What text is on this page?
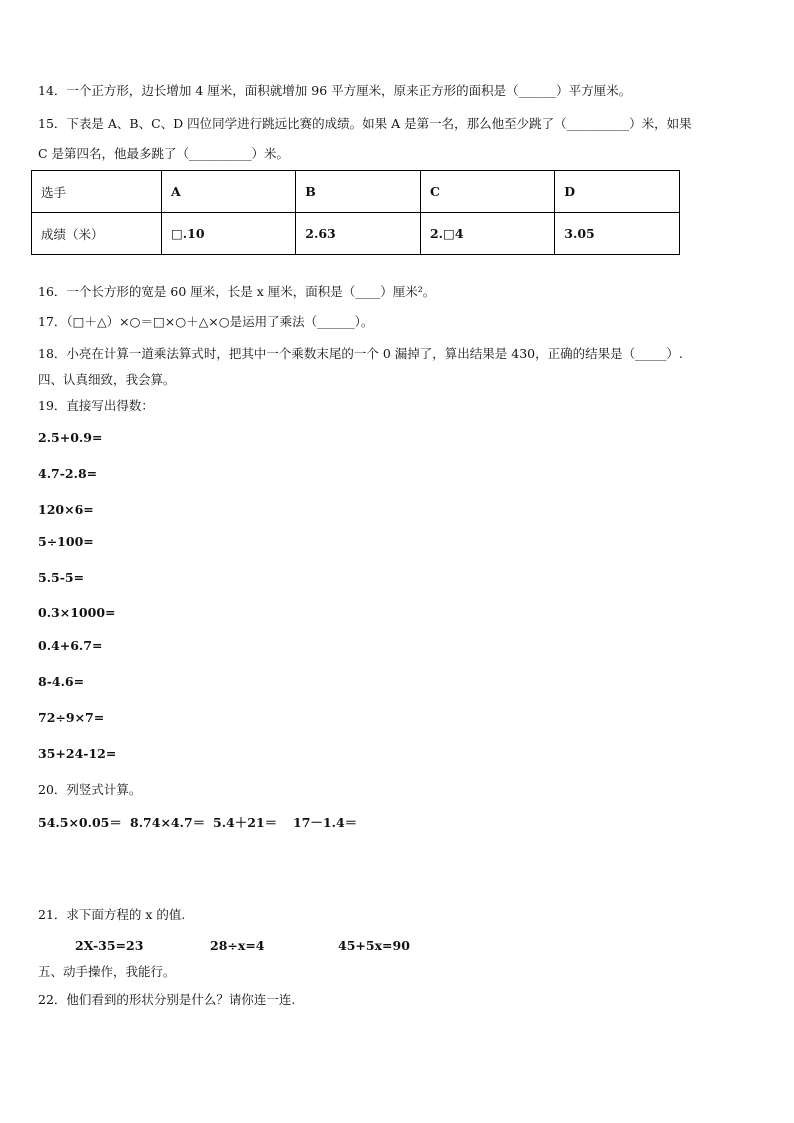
14．一个正方形，边长增加 4 厘米，面积就增加 96 平方厘米，原来正方形的面积是（______）平方厘米。
15．下表是 A、B、C、D 四位同学进行跳远比赛的成绩。如果 A 是第一名，那么他至少跳了（__________）米，如果
C 是第四名，他最多跳了（__________）米。
选手	A	B	C	D
成绩（米）	□.10	2.63	2.□4	3.05
16．一个长方形的宽是 60 厘米，长是 x 厘米，面积是（____）厘米²。
17．（□＋△）×○＝□×○＋△×○是运用了乘法（______）。
18．小亮在计算一道乘法算式时，把其中一个乘数末尾的一个 0 漏掉了，算出结果是 430，正确的结果是（_____）.
四、认真细致，我会算。
19．直接写出得数：
2.5+0.9=
4.7-2.8=
120×6=
5÷100=
5.5-5=
0.3×1000=
0.4+6.7=
8-4.6=
72÷9×7=
35+24-12=
20．列竖式计算。
54.5×0.05＝ 8.74×4.7＝ 5.4＋21＝ 17－1.4＝
21．求下面方程的 x 的值.
2X-35=23	28÷x=4	45+5x=90
五、动手操作，我能行。
22．他们看到的形状分别是什么？请你连一连.
